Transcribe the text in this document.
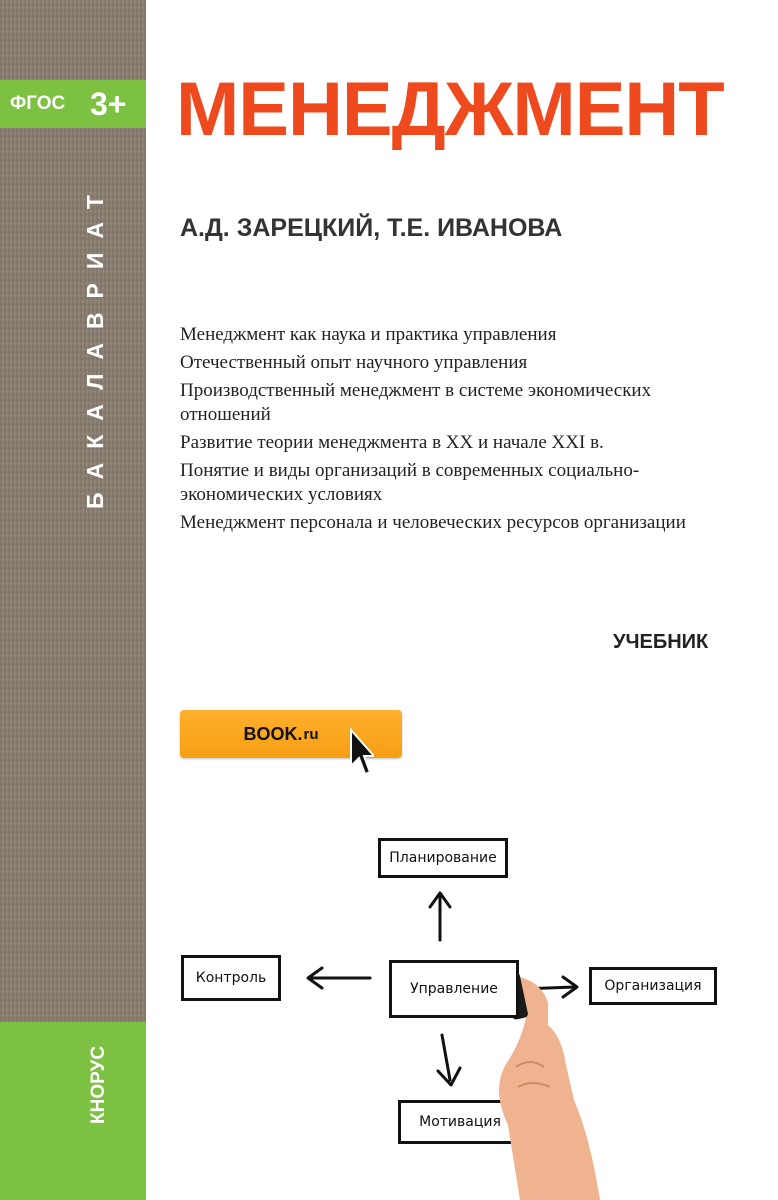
ФГОС 3+
БАКАЛАВРИАТ
КНОРУС
МЕНЕДЖМЕНТ
А.Д. ЗАРЕЦКИЙ, Т.Е. ИВАНОВА
Менеджмент как наука и практика управления
Отечественный опыт научного управления
Производственный менеджмент в системе экономических отношений
Развитие теории менеджмента в XX и начале XXI в.
Понятие и виды организаций в современных социально-экономических условиях
Менеджмент персонала и человеческих ресурсов организации
УЧЕБНИК
BOOK. ru
Планирование
Контроль	Организация
Мотивация
Управление
